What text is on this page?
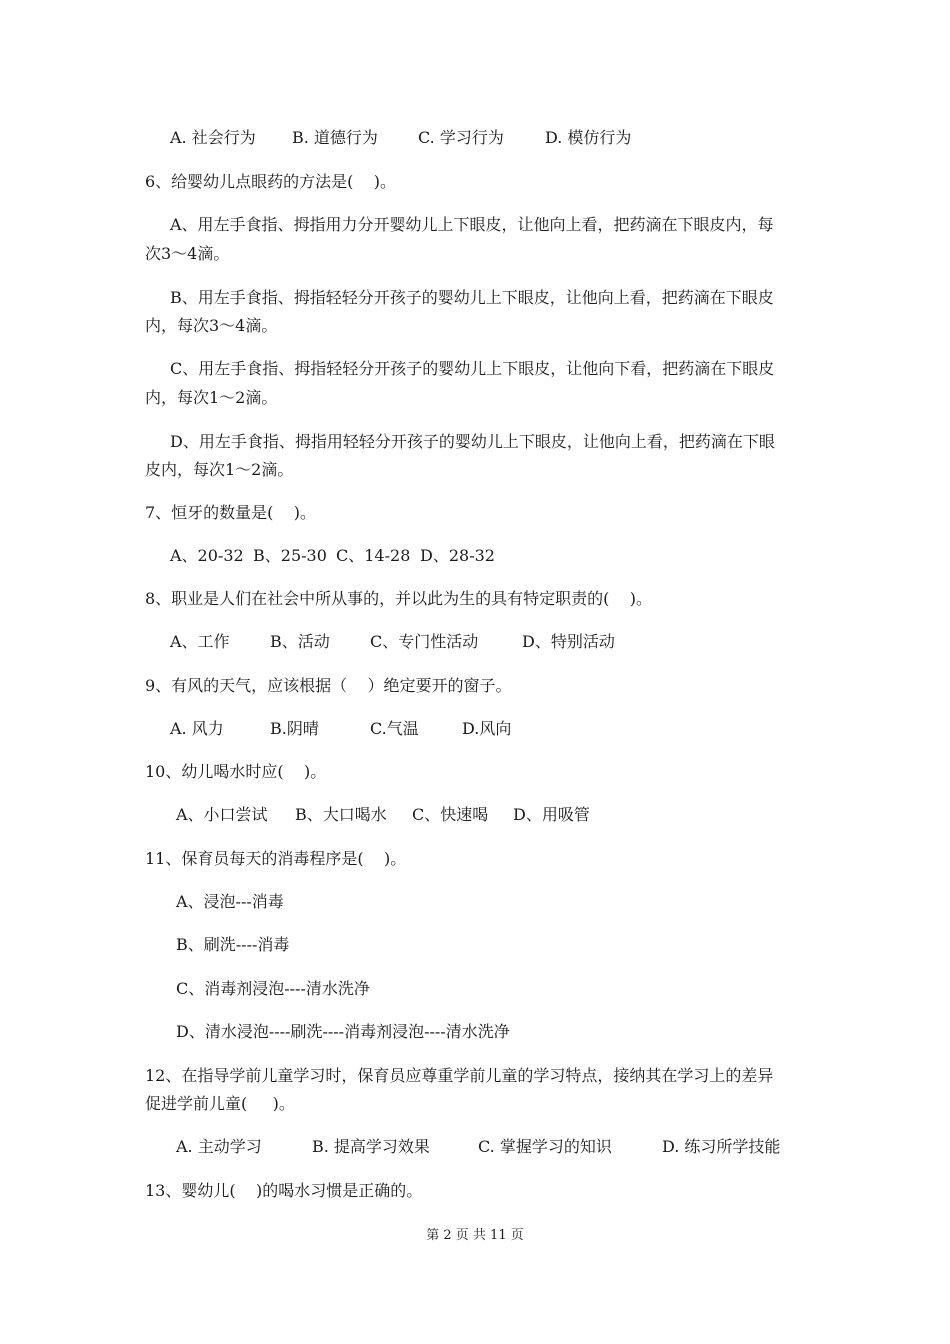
A. 社会行为 B. 道德行为	C. 学习行为	D. 模仿行为
6、给婴幼儿点眼药的方法是(    )。
A、用左手食指、拇指用力分开婴幼儿上下眼皮，让他向上看，把药滴在下眼皮内，每
次3～4滴。
B、用左手食指、拇指轻轻分开孩子的婴幼儿上下眼皮，让他向上看，把药滴在下眼皮
内，每次3～4滴。
C、用左手食指、拇指轻轻分开孩子的婴幼儿上下眼皮，让他向下看，把药滴在下眼皮
内，每次1～2滴。
D、用左手食指、拇指用轻轻分开孩子的婴幼儿上下眼皮，让他向上看，把药滴在下眼
皮内，每次1～2滴。
7、恒牙的数量是(    )。
A、20-32 B、25-30 C、14-28 D、28-32
8、职业是人们在社会中所从事的，并以此为生的具有特定职责的(    )。
A、工作	B、活动	C、专门性活动	D、特别活动
9、有风的天气，应该根据（    ）绝定要开的窗子。
A. 风力	B.阴晴	C.气温	D.风向
10、幼儿喝水时应(    )。
A、小口尝试 B、大口喝水 C、快速喝 D、用吸管
11、保育员每天的消毒程序是(    )。
A、浸泡---消毒
B、刷洗----消毒
C、消毒剂浸泡----清水洗净
D、清水浸泡----刷洗----消毒剂浸泡----清水洗净
12、在指导学前儿童学习时，保育员应尊重学前儿童的学习特点，接纳其在学习上的差异
促进学前儿童(     )。
A. 主动学习	B. 提高学习效果	C. 掌握学习的知识	D. 练习所学技能
13、婴幼儿(    )的喝水习惯是正确的。
第 2 页 共 11 页
